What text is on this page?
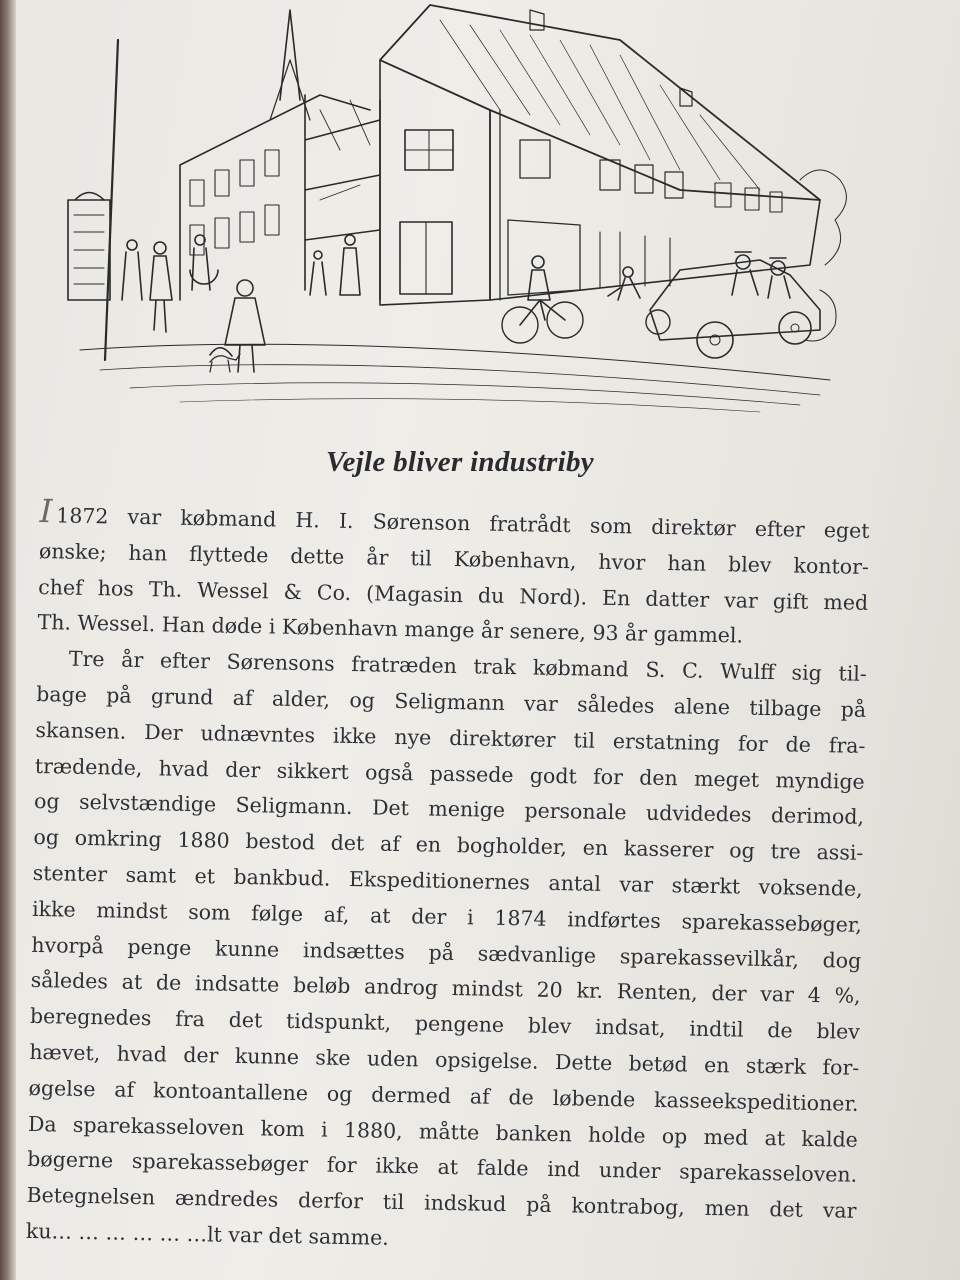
Vejle bliver industriby
I 1872 var købmand H. I. Sørenson fratrådt som direktør efter eget
ønske; han flyttede dette år til København, hvor han blev kontor-
chef hos Th. Wessel & Co. (Magasin du Nord). En datter var gift med
Th. Wessel. Han døde i København mange år senere, 93 år gammel.
Tre år efter Sørensons fratræden trak købmand S. C. Wulff sig til-
bage på grund af alder, og Seligmann var således alene tilbage på
skansen. Der udnævntes ikke nye direktører til erstatning for de fra-
trædende, hvad der sikkert også passede godt for den meget myndige
og selvstændige Seligmann. Det menige personale udvidedes derimod,
og omkring 1880 bestod det af en bogholder, en kasserer og tre assi-
stenter samt et bankbud. Ekspeditionernes antal var stærkt voksende,
ikke mindst som følge af, at der i 1874 indførtes sparekassebøger,
hvorpå penge kunne indsættes på sædvanlige sparekassevilkår, dog
således at de indsatte beløb androg mindst 20 kr. Renten, der var 4 %,
beregnedes fra det tidspunkt, pengene blev indsat, indtil de blev
hævet, hvad der kunne ske uden opsigelse. Dette betød en stærk for-
øgelse af kontoantallene og dermed af de løbende kasseekspeditioner.
Da sparekasseloven kom i 1880, måtte banken holde op med at kalde
bøgerne sparekassebøger for ikke at falde ind under sparekasseloven.
Betegnelsen ændredes derfor til indskud på kontrabog, men det var
ku… … … … … …lt var det samme.
